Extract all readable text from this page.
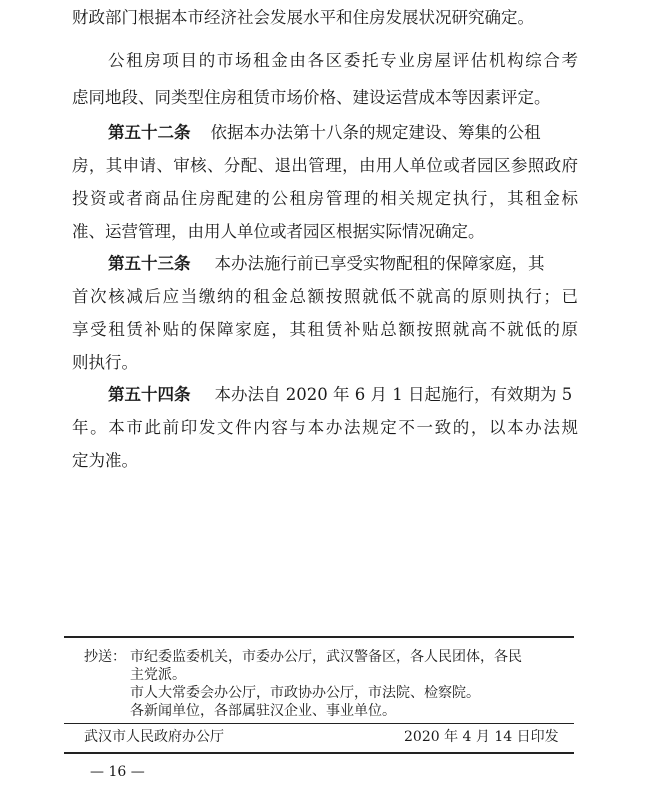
财政部门根据本市经济社会发展水平和住房发展状况研究确定。
公租房项目的市场租金由各区委托专业房屋评估机构综合考
虑同地段、同类型住房租赁市场价格、建设运营成本等因素评定。
第五十二条 依据本办法第十八条的规定建设、筹集的公租
房，其申请、审核、分配、退出管理，由用人单位或者园区参照政府
投资或者商品住房配建的公租房管理的相关规定执行，其租金标
准、运营管理，由用人单位或者园区根据实际情况确定。
第五十三条 本办法施行前已享受实物配租的保障家庭，其
首次核减后应当缴纳的租金总额按照就低不就高的原则执行；已
享受租赁补贴的保障家庭，其租赁补贴总额按照就高不就低的原
则执行。
第五十四条 本办法自 2020 年 6 月 1 日起施行，有效期为 5
年。本市此前印发文件内容与本办法规定不一致的，以本办法规
定为准。
抄送： 市纪委监委机关，市委办公厅，武汉警备区，各人民团体，各民
主党派。
市人大常委会办公厅，市政协办公厅，市法院、检察院。
各新闻单位，各部属驻汉企业、事业单位。
武汉市人民政府办公厅	2020 年 4 月 14 日印发
— 16 —
